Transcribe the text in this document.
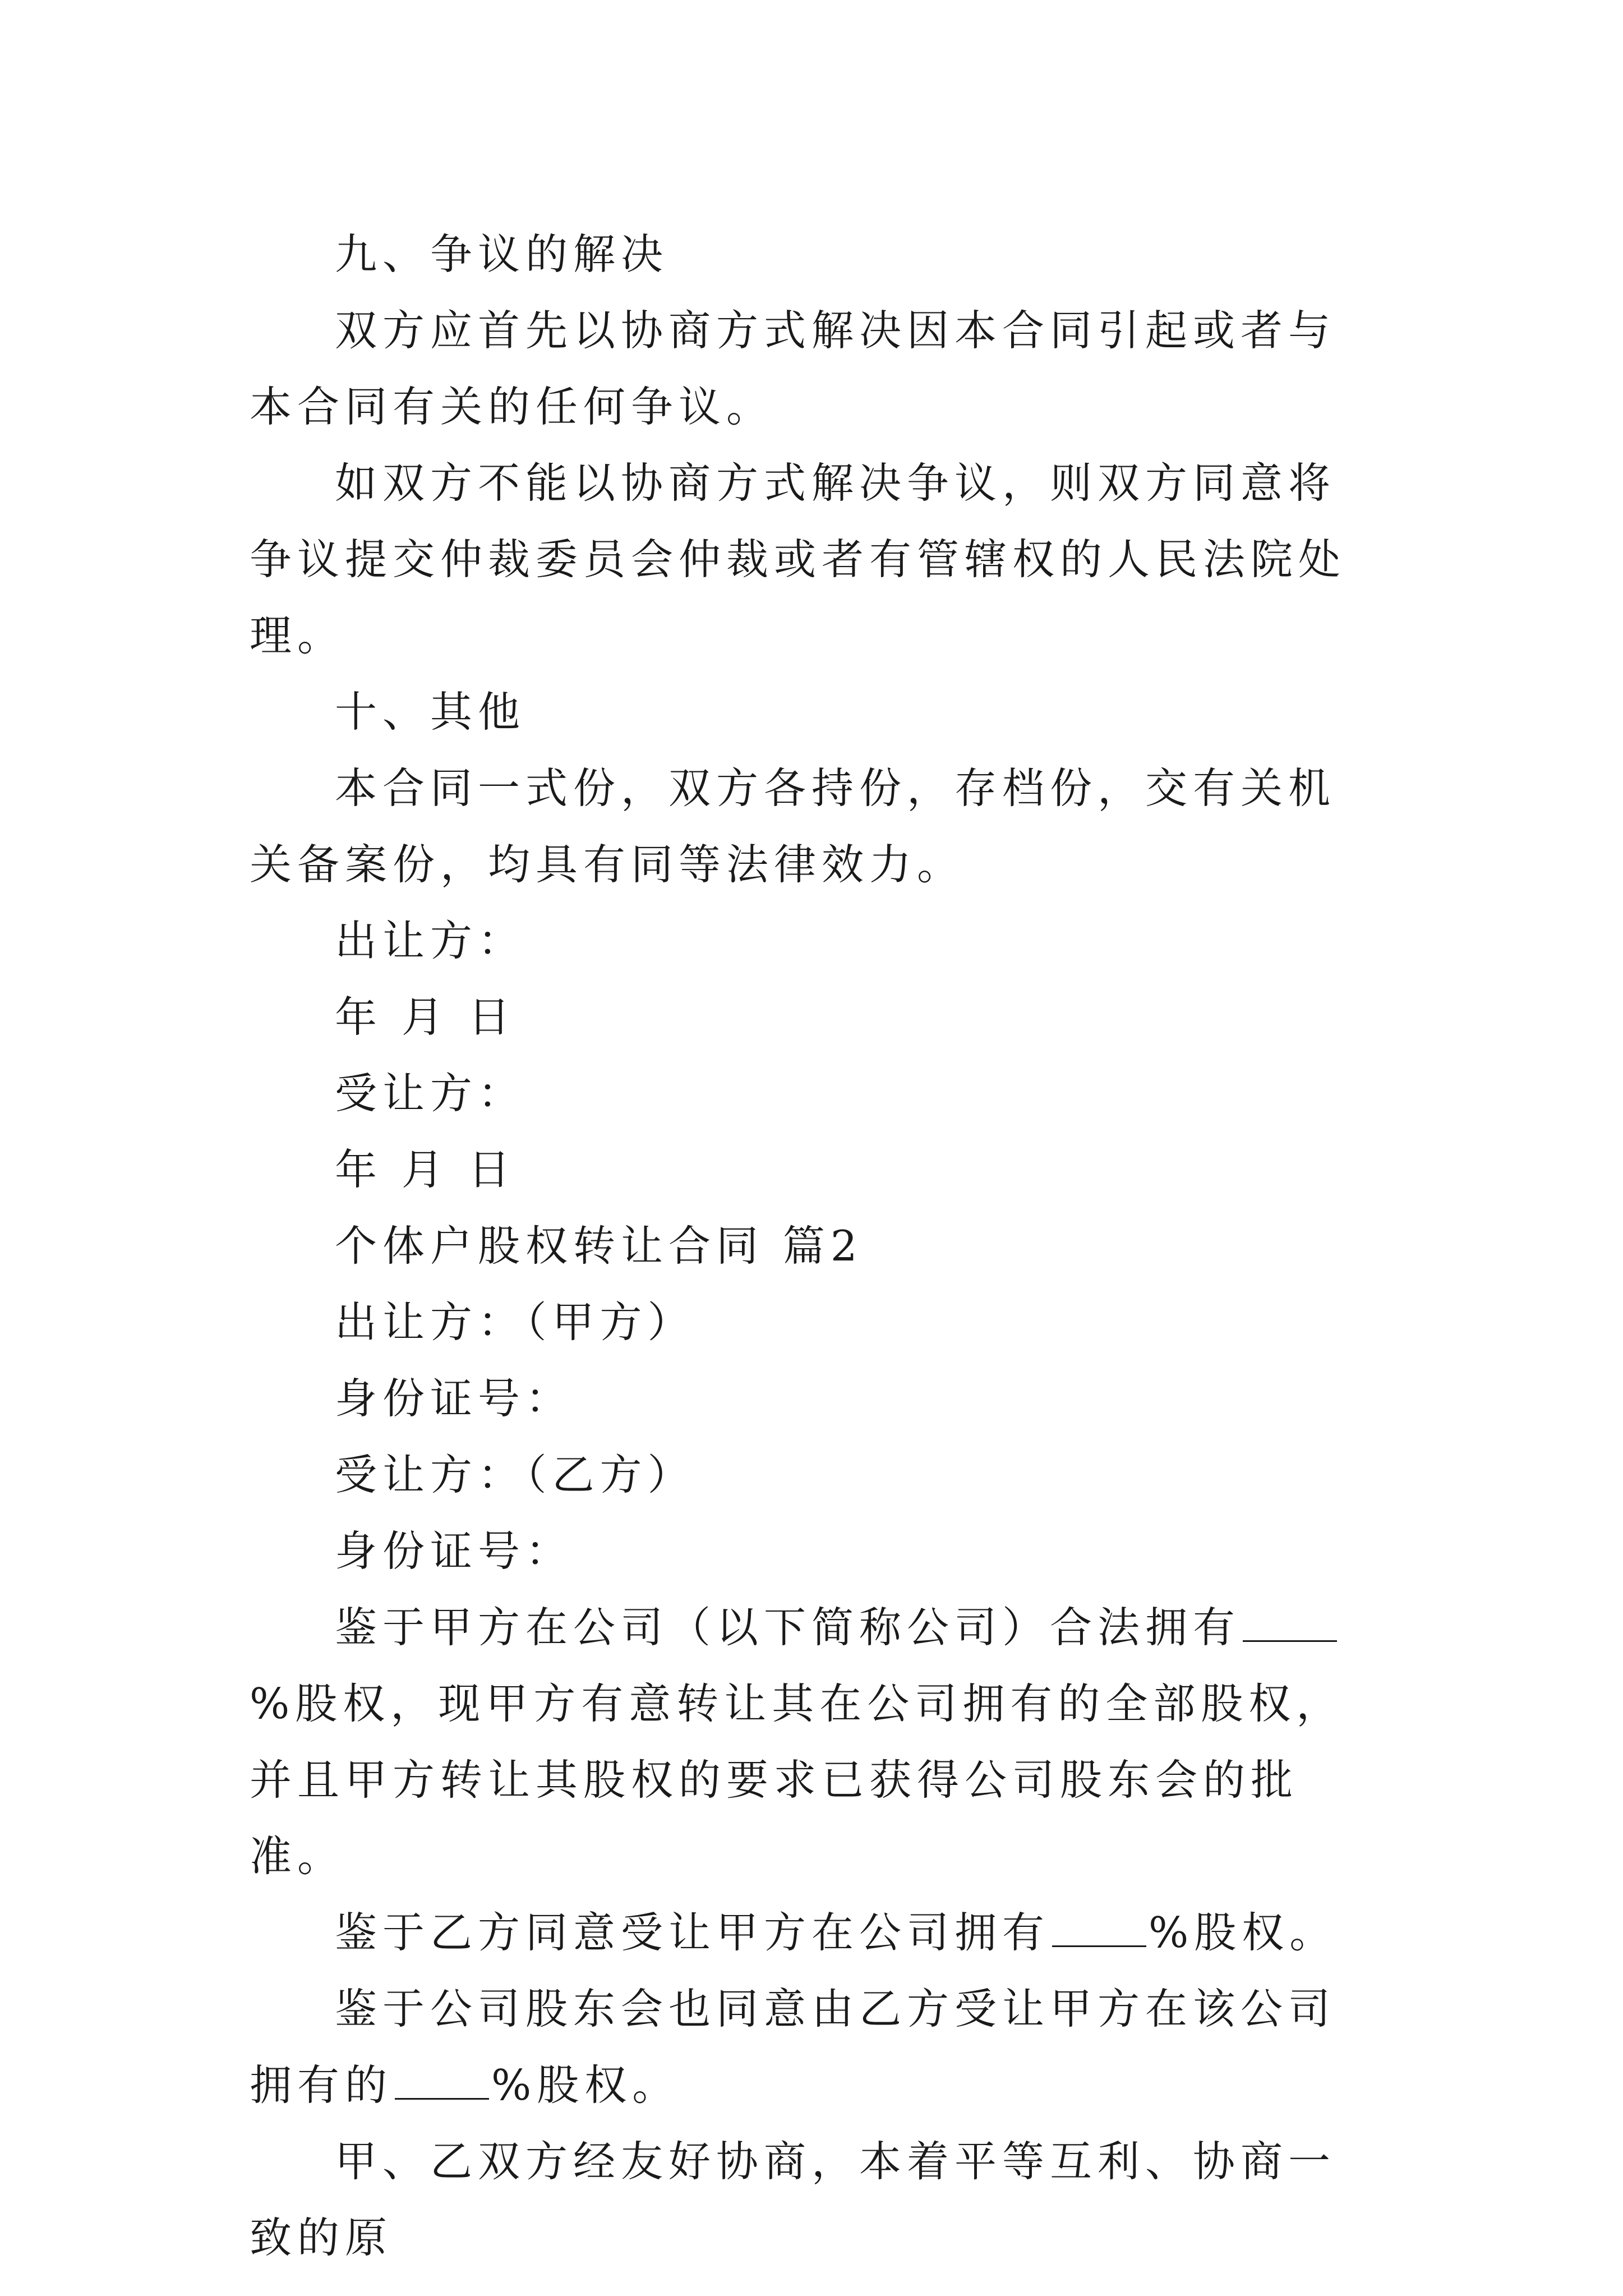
九、争议的解决

双方应首先以协商方式解决因本合同引起或者与本合同有关的任何争议。

如双方不能以协商方式解决争议，则双方同意将争议提交仲裁委员会仲裁或者有管辖权的人民法院处理。

十、其他

本合同一式份，双方各持份，存档份，交有关机关备案份，均具有同等法律效力。

出让方：

年 月 日

受让方：

年 月 日

个体户股权转让合同 篇2

出让方：（甲方）

身份证号：

受让方：（乙方）

身份证号：

鉴于甲方在公司（以下简称公司）合法拥有%股权，现甲方有意转让其在公司拥有的全部股权，并且甲方转让其股权的要求已获得公司股东会的批准。

鉴于乙方同意受让甲方在公司拥有 %股权。

鉴于公司股东会也同意由乙方受让甲方在该公司拥有的 %股权。

甲、乙双方经友好协商，本着平等互利、协商一致的原
